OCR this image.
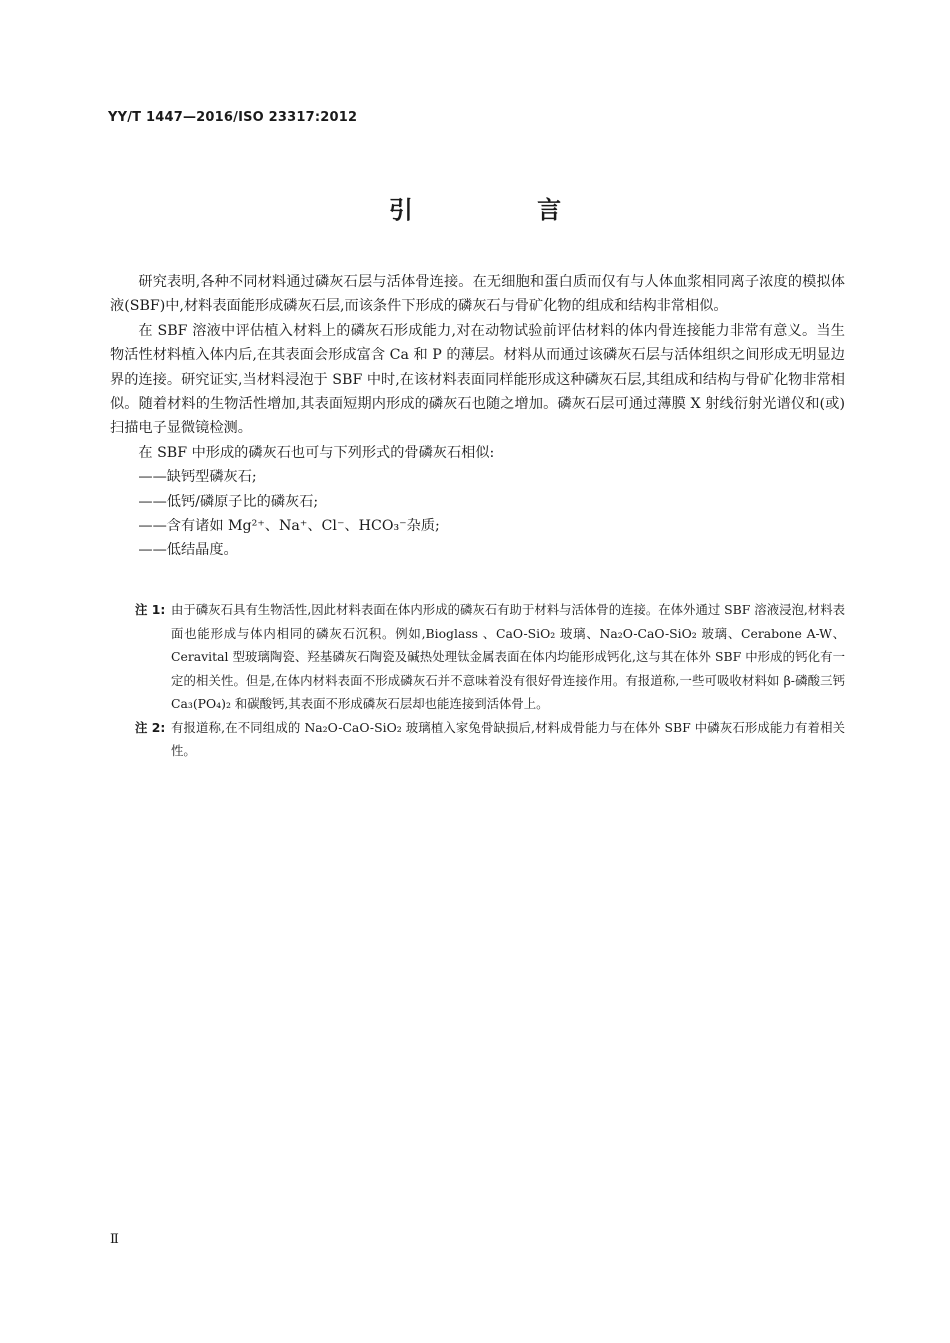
YY/T 1447—2016/ISO 23317:2012
引 言

研究表明,各种不同材料通过磷灰石层与活体骨连接。在无细胞和蛋白质而仅有与人体血浆相同离子浓度的模拟体液(SBF)中,材料表面能形成磷灰石层,而该条件下形成的磷灰石与骨矿化物的组成和结构非常相似。

在 SBF 溶液中评估植入材料上的磷灰石形成能力,对在动物试验前评估材料的体内骨连接能力非常有意义。当生物活性材料植入体内后,在其表面会形成富含 Ca 和 P 的薄层。材料从而通过该磷灰石层与活体组织之间形成无明显边界的连接。研究证实,当材料浸泡于 SBF 中时,在该材料表面同样能形成这种磷灰石层,其组成和结构与骨矿化物非常相似。随着材料的生物活性增加,其表面短期内形成的磷灰石也随之增加。磷灰石层可通过薄膜 X 射线衍射光谱仪和(或)扫描电子显微镜检测。

在 SBF 中形成的磷灰石也可与下列形式的骨磷灰石相似:

——缺钙型磷灰石;
——低钙/磷原子比的磷灰石;
——含有诸如 Mg²⁺、Na⁺、Cl⁻、HCO₃⁻杂质;
——低结晶度。
注 1: 由于磷灰石具有生物活性,因此材料表面在体内形成的磷灰石有助于材料与活体骨的连接。在体外通过 SBF 溶液浸泡,材料表面也能形成与体内相同的磷灰石沉积。例如,Bioglass 、CaO-SiO₂ 玻璃、Na₂O-CaO-SiO₂ 玻璃、Cerabone A-W、Ceravital 型玻璃陶瓷、羟基磷灰石陶瓷及碱热处理钛金属表面在体内均能形成钙化,这与其在体外 SBF 中形成的钙化有一定的相关性。但是,在体内材料表面不形成磷灰石并不意味着没有很好骨连接作用。有报道称,一些可吸收材料如 β-磷酸三钙 Ca₃(PO₄)₂ 和碳酸钙,其表面不形成磷灰石层却也能连接到活体骨上。
注 2: 有报道称,在不同组成的 Na₂O-CaO-SiO₂ 玻璃植入家兔骨缺损后,材料成骨能力与在体外 SBF 中磷灰石形成能力有着相关性。
Ⅱ
